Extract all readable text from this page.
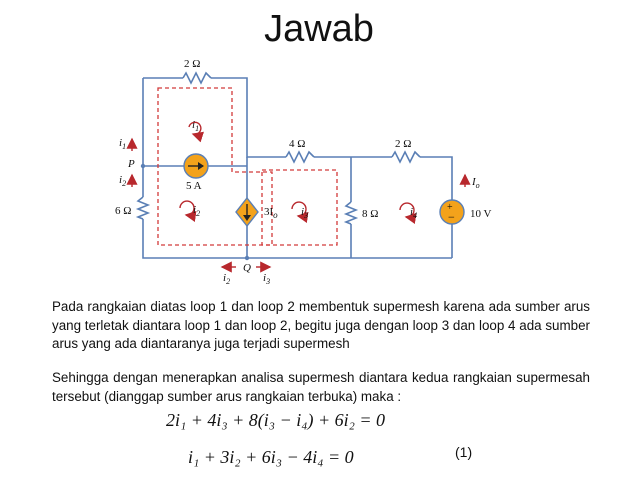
Jawab
+
−
2 Ω
4 Ω	2 Ω
6 Ω	8 Ω
5 A
$3I_o$	10 V
P
Q
$I_o$
$i_1$
$i_2$
$i_1$
$i_2$	$i_3$	$i_4$
$i_2$	$i_3$
Pada rangkaian diatas loop 1 dan loop 2 membentuk supermesh karena ada sumber arus yang terletak diantara loop 1 dan loop 2, begitu juga dengan loop 3 dan loop 4 ada sumber arus yang ada diantaranya juga terjadi supermesh
Sehingga dengan menerapkan analisa supermesh diantara kedua rangkaian supermesah tersebut (dianggap sumber arus rangkaian terbuka) maka :
2i₁ + 4i₃ + 8(i₃ − i₄) + 6i₂ = 0
i₁ + 3i₂ + 6i₃ − 4i₄ = 0	(1)
